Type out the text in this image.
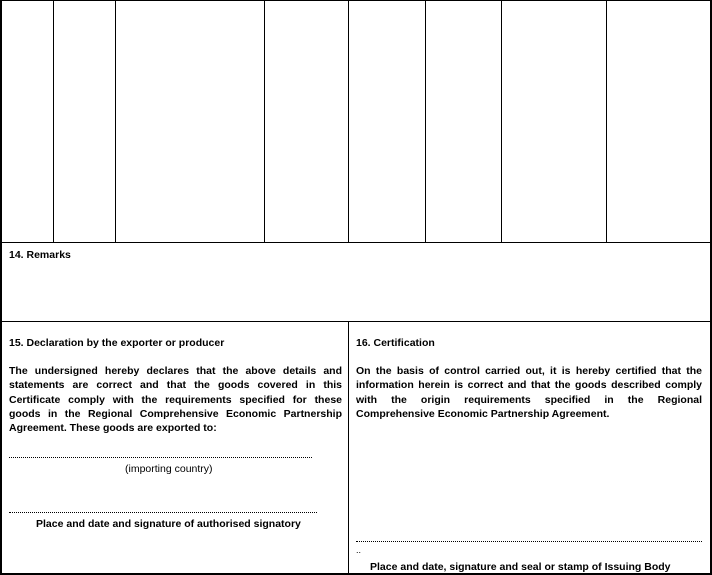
14. Remarks
15. Declaration by the exporter or producer

The undersigned hereby declares that the above details and statements are correct and that the goods covered in this Certificate comply with the requirements specified for these goods in the Regional Comprehensive Economic Partnership Agreement. These goods are exported to:

(importing country)
Place and date and signature of authorised signatory
16. Certification

On the basis of control carried out, it is hereby certified that the information herein is correct and that the goods described comply with the origin requirements specified in the Regional Comprehensive Economic Partnership Agreement.

..
Place and date, signature and seal or stamp of Issuing Body
